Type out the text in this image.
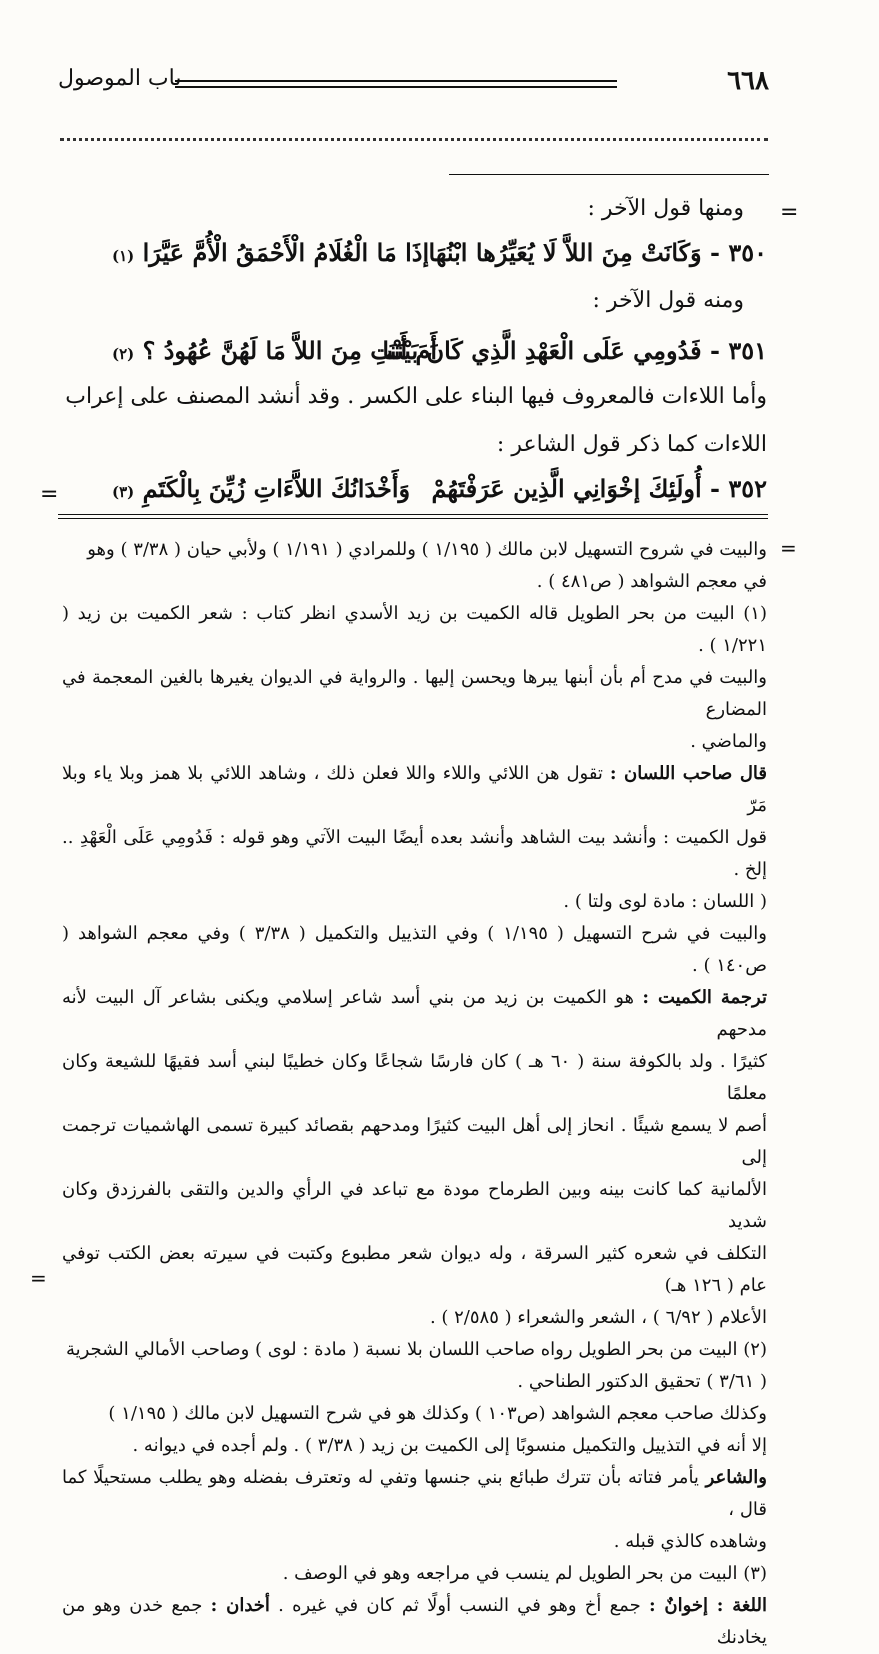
٦٦٨
باب الموصول
=
ومنها قول الآخر :
٣٥٠ - وَكَانَتْ مِنَ اللاَّ لَا يُعَيِّرُها ابْنُهَا
إذَا مَا الْغُلَامُ الْأَحْمَقُ الْأُمَّ عَيَّرَا (١)
ومنه قول الآخر :
٣٥١ - فَدُومِي عَلَى الْعَهْدِ الَّذِي كَانَ بَيْنَنَا
أَمَ أَنْتِ مِنَ اللاَّ مَا لَهُنَّ عُهُودُ ؟ (٢)
وأما اللاءات فالمعروف فيها البناء على الكسر . وقد أنشد المصنف على إعراب
اللاءات كما ذكر قول الشاعر :
٣٥٢ - أُولَئِكَ إخْوَانِي الَّذِين عَرَفْتَهُمْ
وَأَخْدَانُكَ اللاَّءَاتِ زُيِّنَ بِالْكَتَمِ (٣)
=
=
والبيت في شروح التسهيل لابن مالك ( ١/١٩٥ ) وللمرادي ( ١/١٩١ ) ولأبي حيان ( ٣/٣٨ ) وهو
في معجم الشواهد ( ص٤٨١ ) .
(١) البيت من بحر الطويل قاله الكميت بن زيد الأسدي انظر كتاب : شعر الكميت بن زيد ( ١/٢٢١ ) .
والبيت في مدح أم بأن أبنها يبرها ويحسن إليها . والرواية في الديوان يغيرها بالغين المعجمة في المضارع
والماضي .
قال صاحب اللسان : تقول هن اللائي واللاء واللا فعلن ذلك ، وشاهد اللائي بلا همز وبلا ياء وبلا مَرّ
قول الكميت : وأنشد بيت الشاهد وأنشد بعده أيضًا البيت الآتي وهو قوله : فَدُومِي عَلَى الْعَهْدِ .. إلخ .
( اللسان : مادة لوى ولتا ) .
والبيت في شرح التسهيل ( ١/١٩٥ ) وفي التذييل والتكميل ( ٣/٣٨ ) وفي معجم الشواهد ( ص١٤٠ ) .
ترجمة الكميت : هو الكميت بن زيد من بني أسد شاعر إسلامي ويكنى بشاعر آل البيت لأنه مدحهم
كثيرًا . ولد بالكوفة سنة ( ٦٠ هـ ) كان فارسًا شجاعًا وكان خطيبًا لبني أسد فقيهًا للشيعة وكان معلمًا
أصم لا يسمع شيئًا . انحاز إلى أهل البيت كثيرًا ومدحهم بقصائد كبيرة تسمى الهاشميات ترجمت إلى
الألمانية كما كانت بينه وبين الطرماح مودة مع تباعد في الرأي والدين والتقى بالفرزدق وكان شديد
التكلف في شعره كثير السرقة ، وله ديوان شعر مطبوع وكتبت في سيرته بعض الكتب توفي عام ( ١٢٦ هـ)
الأعلام ( ٦/٩٢ ) ، الشعر والشعراء ( ٢/٥٨٥ ) .
(٢) البيت من بحر الطويل رواه صاحب اللسان بلا نسبة ( مادة : لوى ) وصاحب الأمالي الشجرية
( ٣/٦١ ) تحقيق الدكتور الطناحي .
وكذلك صاحب معجم الشواهد (ص١٠٣ ) وكذلك هو في شرح التسهيل لابن مالك ( ١/١٩٥ )
إلا أنه في التذييل والتكميل منسوبًا إلى الكميت بن زيد ( ٣/٣٨ ) . ولم أجده في ديوانه .
والشاعر يأمر فتاته بأن تترك طبائع بني جنسها وتفي له وتعترف بفضله وهو يطلب مستحيلًا كما قال ،
وشاهده كالذي قبله .
(٣) البيت من بحر الطويل لم ينسب في مراجعه وهو في الوصف .
اللغة : إخوانٌ : جمع أخ وهو في النسب أولًا ثم كان في غيره . أخدان : جمع خدن وهو من يخادنك
=
